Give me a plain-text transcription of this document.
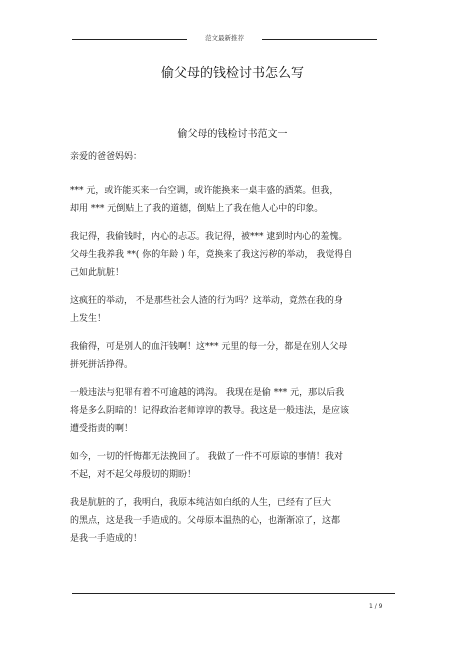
范文最新推荐
偷父母的钱检讨书怎么写
偷父母的钱检讨书范文一

亲爱的爸爸妈妈：

*** 元，或许能买来一台空调，或许能换来一桌丰盛的酒菜。但我，
却用 *** 元倒贴上了我的道德，倒贴上了我在他人心中的印象。

我记得，我偷钱时，内心的忐忑。我记得，被*** 逮到时内心的羞愧。
父母生我养我 **( 你的年龄 ) 年，竟换来了我这污秽的举动， 我觉得自
己如此肮脏！

这疯狂的举动， 不是那些社会人渣的行为吗？这举动，竟然在我的身
上发生！

我偷得，可是别人的血汗钱啊！这*** 元里的每一分，都是在别人父母
拼死拼活挣得。

一般违法与犯罪有着不可逾越的鸿沟。 我现在是偷 *** 元，那以后我
将是多么阴暗的！记得政治老师谆谆的教导。我这是一般违法，是应该
遭受指责的啊！

如今，一切的忏悔都无法挽回了。 我做了一件不可原谅的事情！我对
不起，对不起父母殷切的期盼！

我是肮脏的了，我明白，我原本纯洁如白纸的人生，已经有了巨大
的黑点，这是我一手造成的。父母原本温热的心，也渐渐凉了，这都
是我一手造成的！

1 / 9
